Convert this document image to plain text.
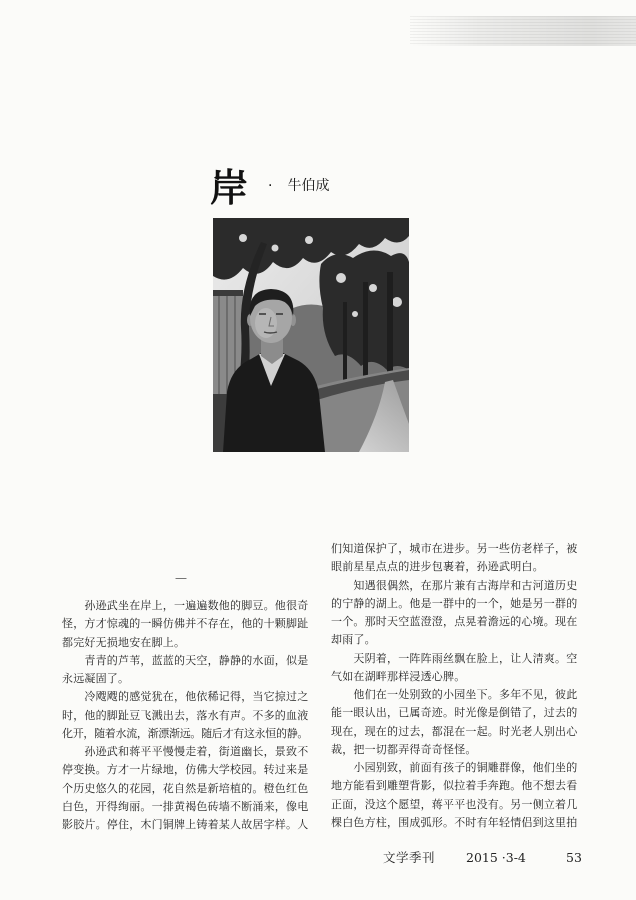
岸 · 牛伯成
—
孙逊武坐在岸上，一遍遍数他的脚豆。他很奇
怪，方才惊魂的一瞬仿佛并不存在，他的十颗脚趾
都完好无损地安在脚上。
青青的芦苇，蓝蓝的天空，静静的水面，似是
永远凝固了。
冷飕飕的感觉犹在，他依稀记得，当它掠过之
时，他的脚趾豆飞溅出去，落水有声。不多的血液
化开，随着水流，渐漂渐远。随后才有这永恒的静。
孙逊武和蒋平平慢慢走着，街道幽长，景致不
停变换。方才一片绿地，仿佛大学校园。转过来是
个历史悠久的花园，花自然是新培植的。橙色红色
白色，开得绚丽。一排黄褐色砖墙不断涌来，像电
影胶片。停住，木门铜牌上铸着某人故居字样。人
们知道保护了，城市在进步。另一些仿老样子，被
眼前星星点点的进步包裹着，孙逊武明白。
知遇很偶然，在那片兼有古海岸和古河道历史
的宁静的湖上。他是一群中的一个，她是另一群的
一个。那时天空蓝澄澄，点晃着澹远的心境。现在
却雨了。
天阴着，一阵阵雨丝飘在脸上，让人清爽。空
气如在湖畔那样浸透心脾。
他们在一处别致的小园坐下。多年不见，彼此
能一眼认出，已属奇迹。时光像是倒错了，过去的
现在，现在的过去，都混在一起。时光老人别出心
裁，把一切都弄得奇奇怪怪。
小园别致，前面有孩子的铜雕群像，他们坐的
地方能看到雕塑背影，似拉着手奔跑。他不想去看
正面，没这个愿望，蒋平平也没有。另一侧立着几
棵白色方柱，围成弧形。不时有年轻情侣到这里拍
文学季刊 2015 ·3-4	53
